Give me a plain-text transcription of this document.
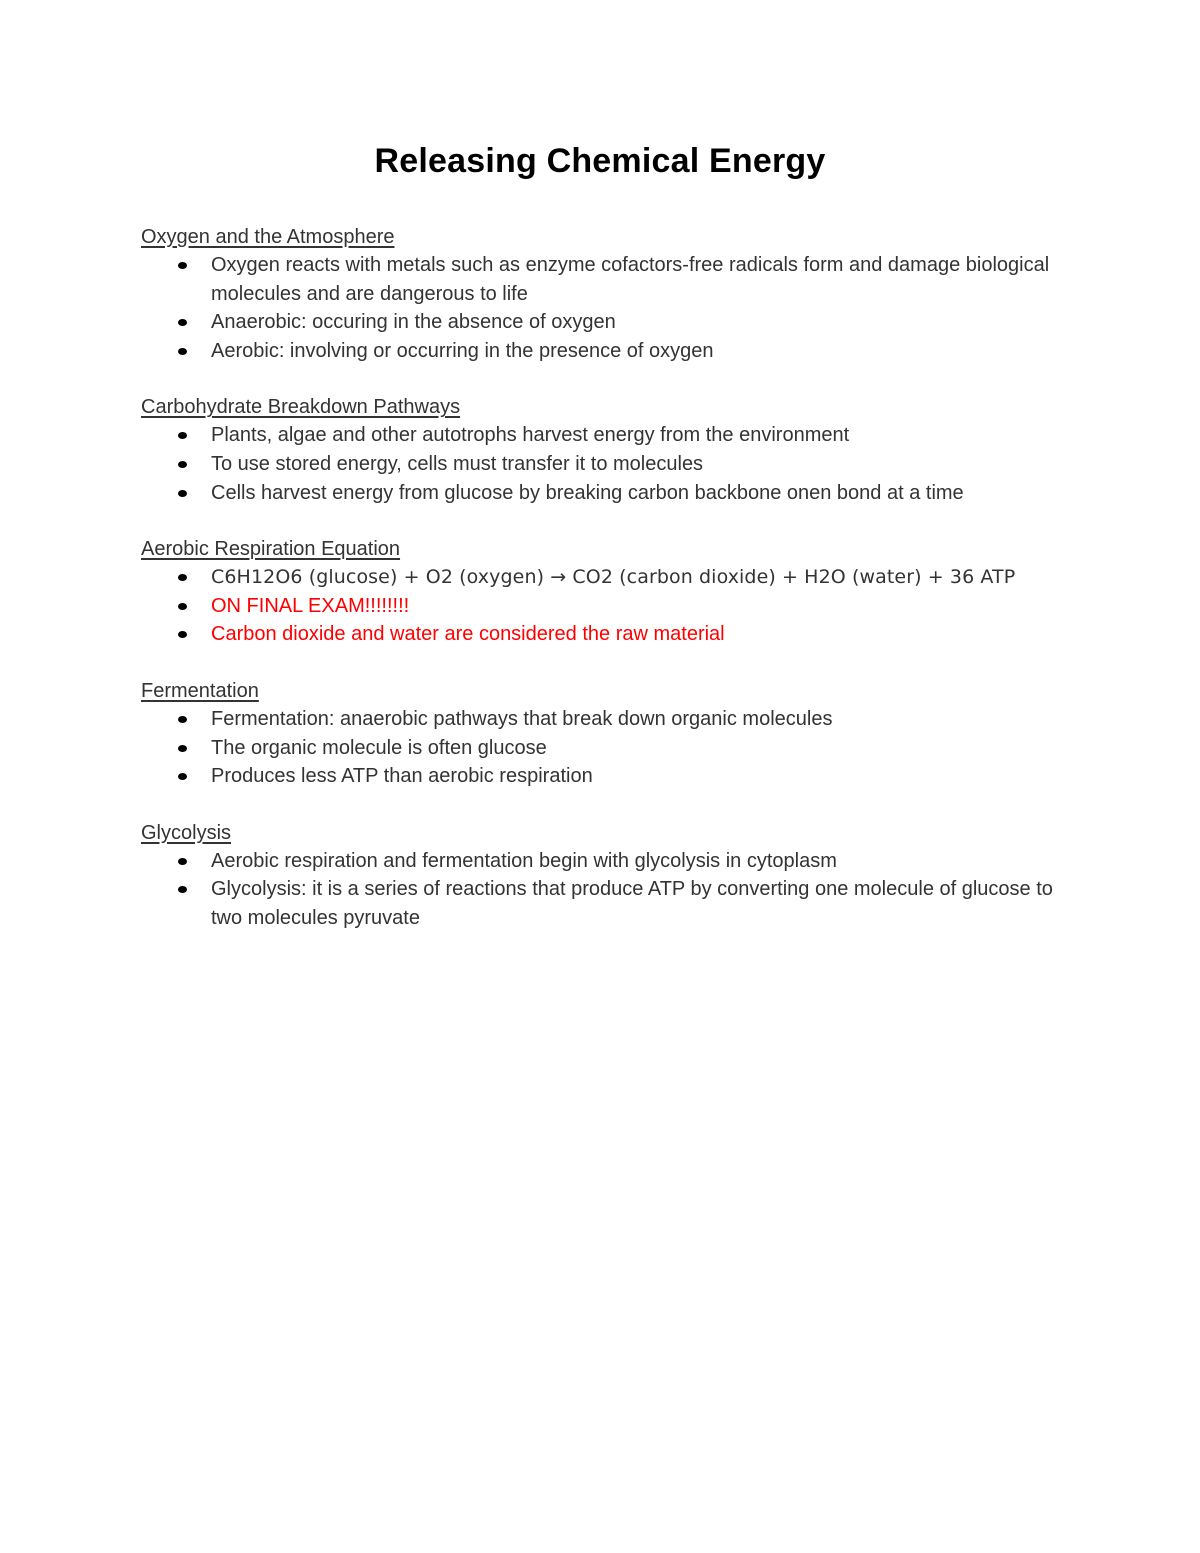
Releasing Chemical Energy

Oxygen and the Atmosphere

Oxygen reacts with metals such as enzyme cofactors-free radicals form and damage biological molecules and are dangerous to life
Anaerobic: occuring in the absence of oxygen
Aerobic: involving or occurring in the presence of oxygen

Carbohydrate Breakdown Pathways

Plants, algae and other autotrophs harvest energy from the environment
To use stored energy, cells must transfer it to molecules
Cells harvest energy from glucose by breaking carbon backbone onen bond at a time

Aerobic Respiration Equation

C6H12O6 (glucose) + O2 (oxygen) → CO2 (carbon dioxide) + H2O (water) + 36 ATP
ON FINAL EXAM!!!!!!!!
Carbon dioxide and water are considered the raw material

Fermentation

Fermentation: anaerobic pathways that break down organic molecules
The organic molecule is often glucose
Produces less ATP than aerobic respiration

Glycolysis

Aerobic respiration and fermentation begin with glycolysis in cytoplasm
Glycolysis: it is a series of reactions that produce ATP by converting one molecule of glucose to two molecules pyruvate
